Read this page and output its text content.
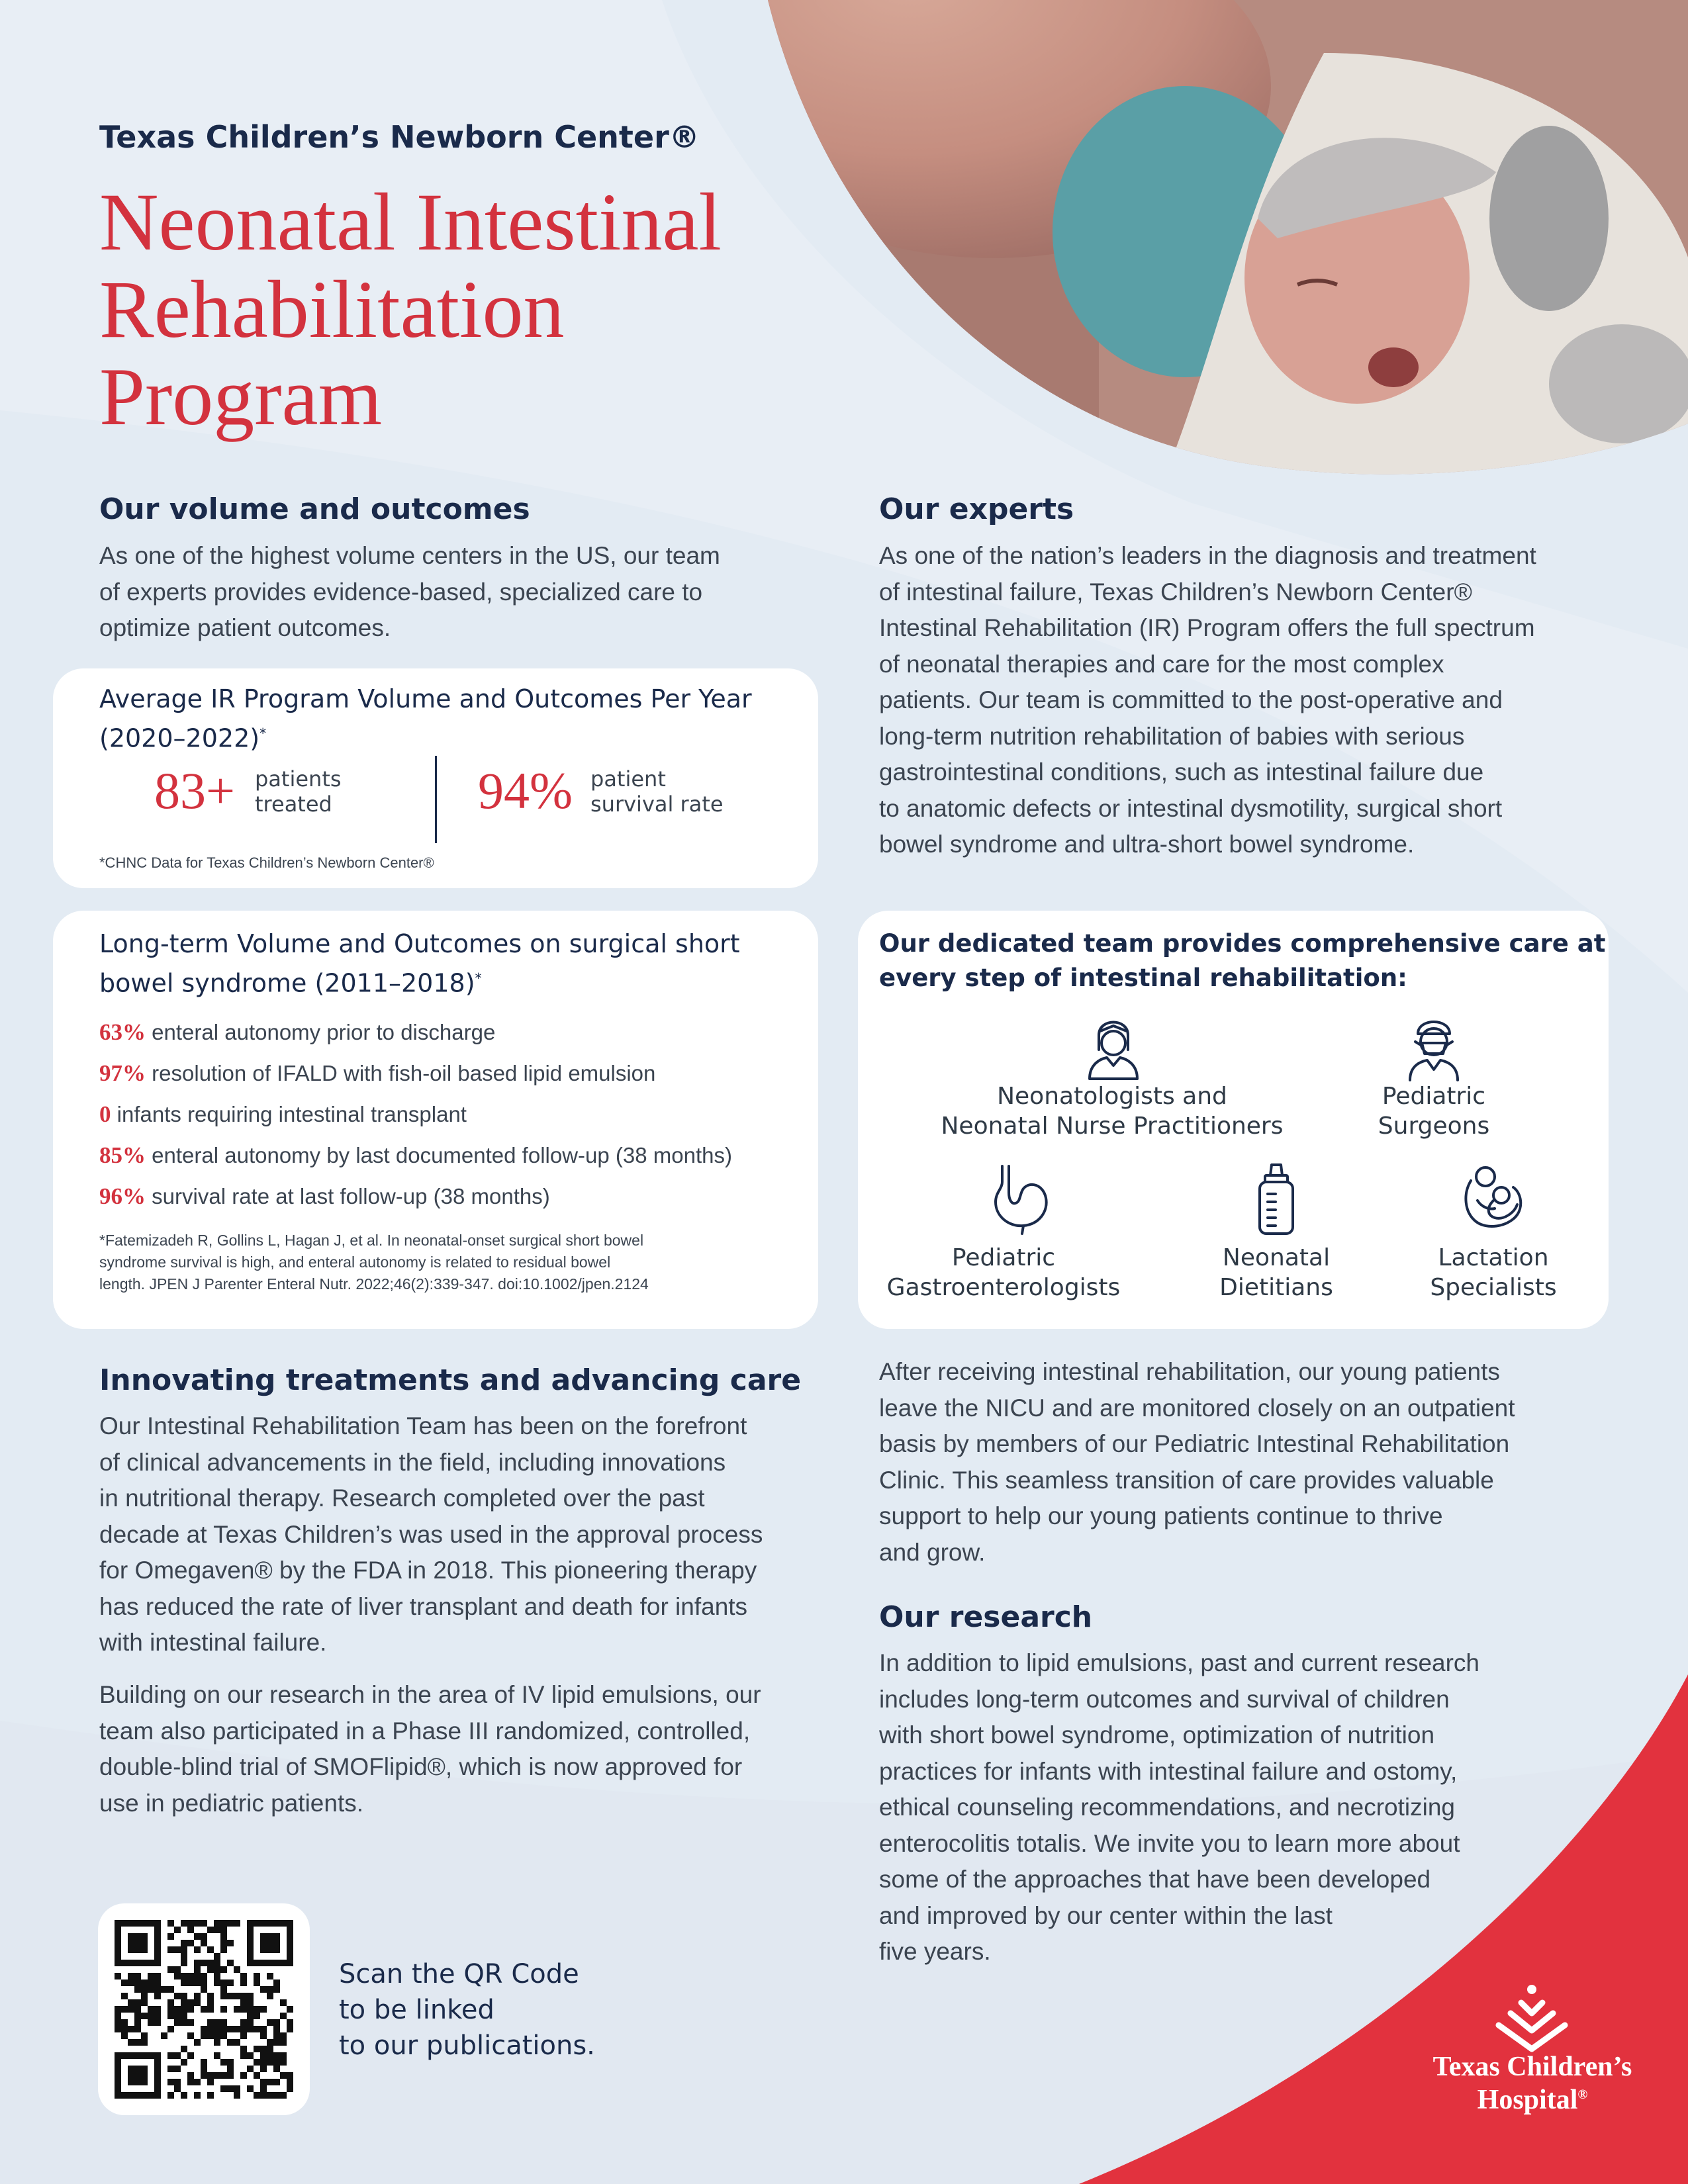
Texas Children’s Newborn Center®
Neonatal Intestinal
Rehabilitation
Program
Our volume and outcomes
As one of the highest volume centers in the US, our team
of experts provides evidence-based, specialized care to
optimize patient outcomes.
Average IR Program Volume and Outcomes Per Year
(2020–2022)*
83+ patients
treated	94% patient
survival rate
*CHNC Data for Texas Children’s Newborn Center®
Long-term Volume and Outcomes on surgical short
bowel syndrome (2011–2018)*
63% enteral autonomy prior to discharge
97% resolution of IFALD with fish-oil based lipid emulsion
0 infants requiring intestinal transplant
85% enteral autonomy by last documented follow-up (38 months)
96% survival rate at last follow-up (38 months)
*Fatemizadeh R, Gollins L, Hagan J, et al. In neonatal-onset surgical short bowel
syndrome survival is high, and enteral autonomy is related to residual bowel
length. JPEN J Parenter Enteral Nutr. 2022;46(2):339-347. doi:10.1002/jpen.2124
Innovating treatments and advancing care
Our Intestinal Rehabilitation Team has been on the forefront
of clinical advancements in the field, including innovations
in nutritional therapy. Research completed over the past
decade at Texas Children’s was used in the approval process
for Omegaven® by the FDA in 2018. This pioneering therapy
has reduced the rate of liver transplant and death for infants
with intestinal failure.
Building on our research in the area of IV lipid emulsions, our
team also participated in a Phase III randomized, controlled,
double-blind trial of SMOFlipid®, which is now approved for
use in pediatric patients.
Scan the QR Code
to be linked
to our publications.
Our experts
As one of the nation’s leaders in the diagnosis and treatment
of intestinal failure, Texas Children’s Newborn Center®
Intestinal Rehabilitation (IR) Program offers the full spectrum
of neonatal therapies and care for the most complex
patients. Our team is committed to the post-operative and
long-term nutrition rehabilitation of babies with serious
gastrointestinal conditions, such as intestinal failure due
to anatomic defects or intestinal dysmotility, surgical short
bowel syndrome and ultra-short bowel syndrome.
Our dedicated team provides comprehensive care at
every step of intestinal rehabilitation:
Neonatologists and
Neonatal Nurse Practitioners
Pediatric
Surgeons
Pediatric
Gastroenterologists
Neonatal
Dietitians
Lactation
Specialists
After receiving intestinal rehabilitation, our young patients
leave the NICU and are monitored closely on an outpatient
basis by members of our Pediatric Intestinal Rehabilitation
Clinic. This seamless transition of care provides valuable
support to help our young patients continue to thrive
and grow.
Our research
In addition to lipid emulsions, past and current research
includes long-term outcomes and survival of children
with short bowel syndrome, optimization of nutrition
practices for infants with intestinal failure and ostomy,
ethical counseling recommendations, and necrotizing
enterocolitis totalis. We invite you to learn more about
some of the approaches that have been developed
and improved by our center within the last
five years.
Texas Children’s
Hospital®
